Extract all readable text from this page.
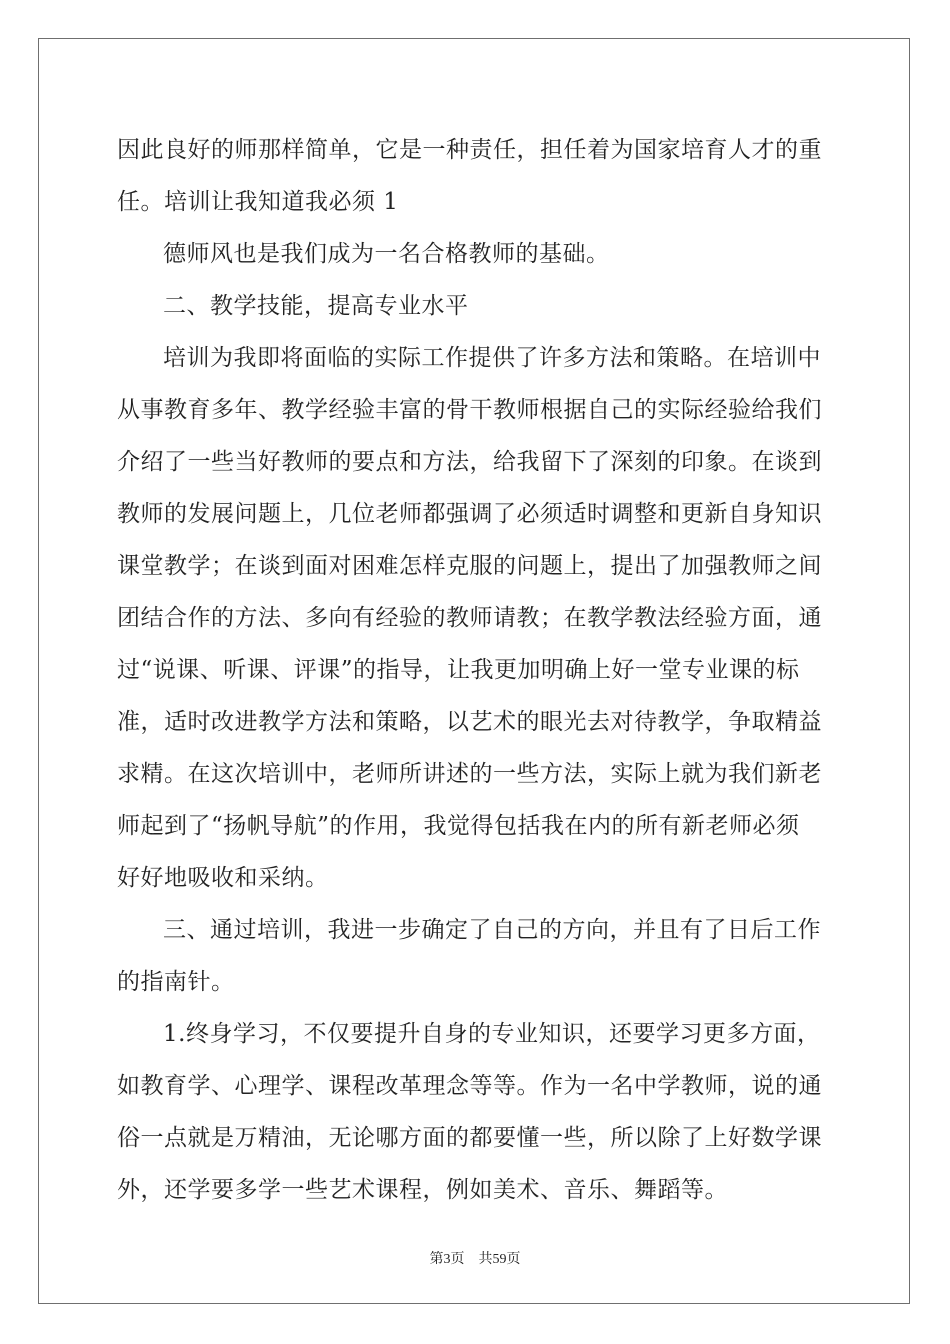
因此良好的师那样简单，它是一种责任，担任着为国家培育人才的重
任。培训让我知道我必须 1
德师风也是我们成为一名合格教师的基础。
二、教学技能，提高专业水平
培训为我即将面临的实际工作提供了许多方法和策略。在培训中
从事教育多年、教学经验丰富的骨干教师根据自己的实际经验给我们
介绍了一些当好教师的要点和方法，给我留下了深刻的印象。在谈到
教师的发展问题上，几位老师都强调了必须适时调整和更新自身知识
课堂教学；在谈到面对困难怎样克服的问题上，提出了加强教师之间
团结合作的方法、多向有经验的教师请教；在教学教法经验方面，通
过“说课、听课、评课”的指导，让我更加明确上好一堂专业课的标
准，适时改进教学方法和策略，以艺术的眼光去对待教学，争取精益
求精。在这次培训中，老师所讲述的一些方法，实际上就为我们新老
师起到了“扬帆导航”的作用，我觉得包括我在内的所有新老师必须
好好地吸收和采纳。
三、通过培训，我进一步确定了自己的方向，并且有了日后工作
的指南针。
1.终身学习，不仅要提升自身的专业知识，还要学习更多方面，
如教育学、心理学、课程改革理念等等。作为一名中学教师，说的通
俗一点就是万精油，无论哪方面的都要懂一些，所以除了上好数学课
外，还学要多学一些艺术课程，例如美术、音乐、舞蹈等。
第3页 共59页
